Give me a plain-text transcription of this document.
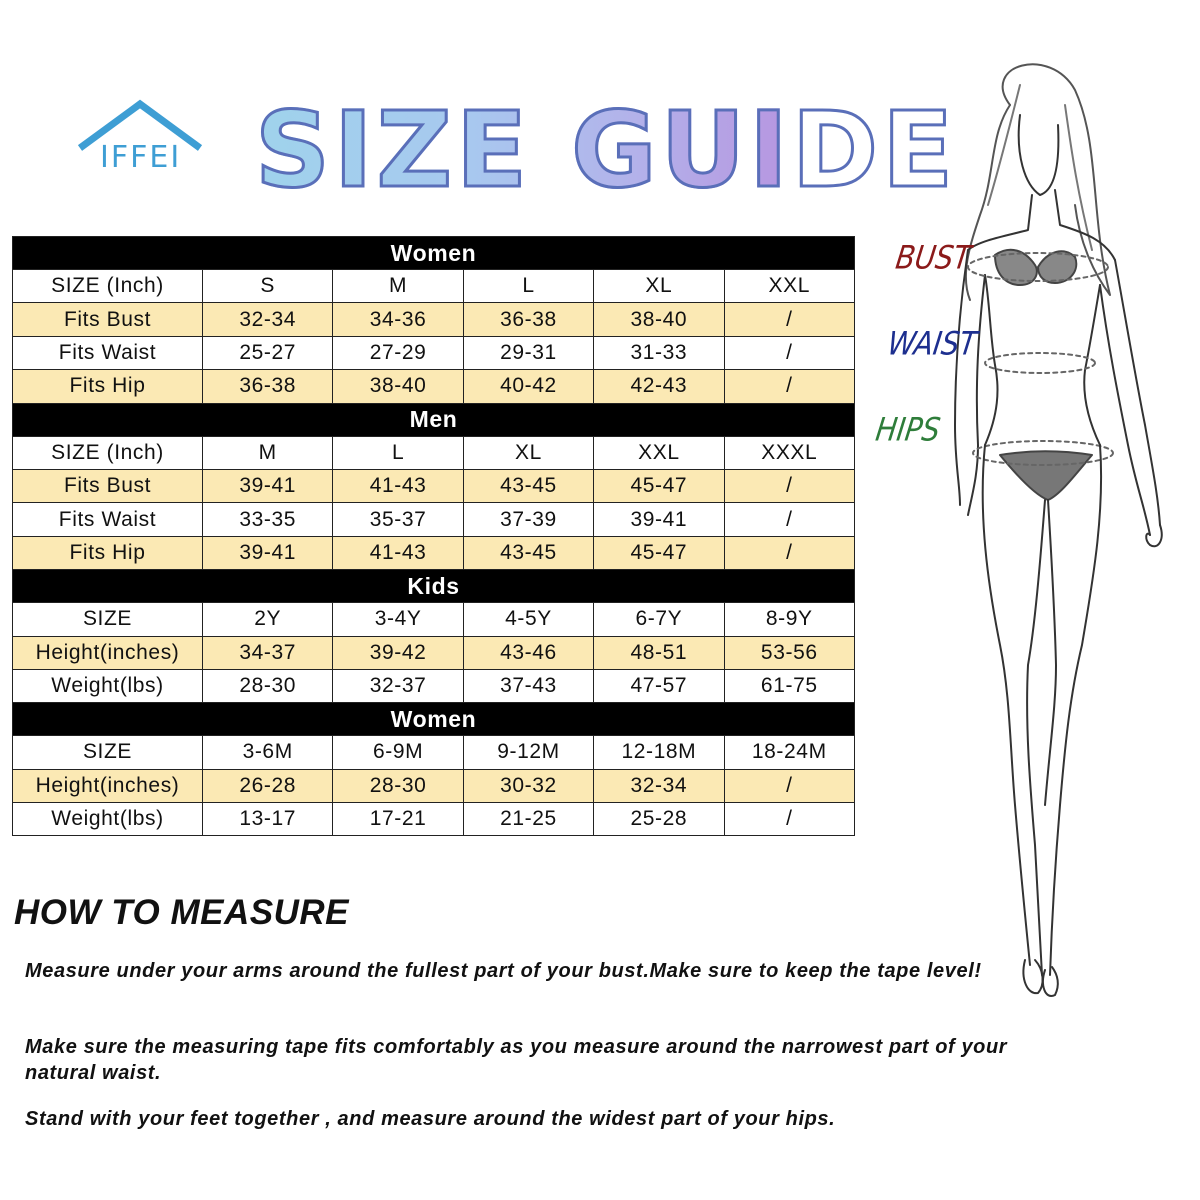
IFFEI SIZE GUIDE
Women					
SIZE (Inch)	S	M	L	XL	XXL
Fits Bust	32-34	34-36	36-38	38-40	/
Fits Waist	25-27	27-29	29-31	31-33	/
Fits Hip	36-38	38-40	40-42	42-43	/
Men					
SIZE (Inch)	M	L	XL	XXL	XXXL
Fits Bust	39-41	41-43	43-45	45-47	/
Fits Waist	33-35	35-37	37-39	39-41	/
Fits Hip	39-41	41-43	43-45	45-47	/
Kids					
SIZE	2Y	3-4Y	4-5Y	6-7Y	8-9Y
Height(inches)	34-37	39-42	43-46	48-51	53-56
Weight(lbs)	28-30	32-37	37-43	47-57	61-75
Women					
SIZE	3-6M	6-9M	9-12M	12-18M	18-24M
Height(inches)	26-28	28-30	30-32	32-34	/
Weight(lbs)	13-17	17-21	21-25	25-28	/
HOW TO MEASURE

Measure under your arms around the fullest part of your bust.Make sure to keep the tape level!

Make sure the measuring tape fits comfortably as you measure around the narrowest part of your natural waist.

Stand with your feet together , and measure around the widest part of your hips.

BUST
WAIST
HIPS
